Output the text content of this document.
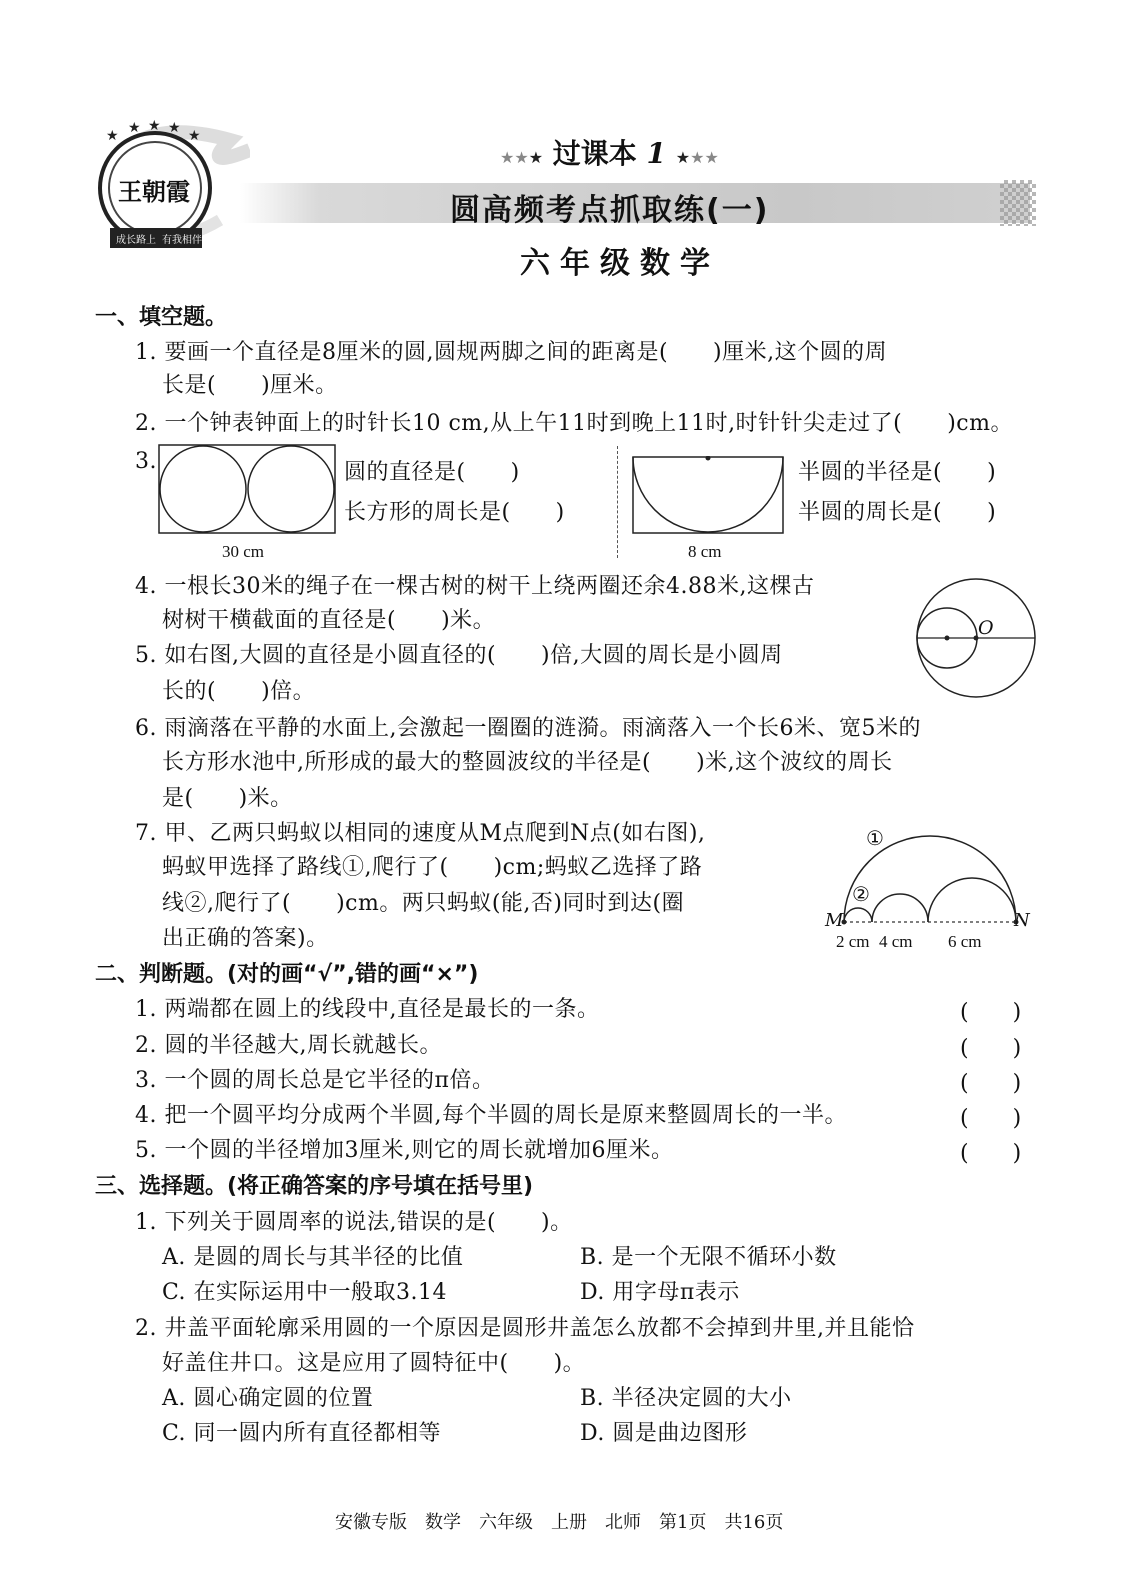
★ ★ ★ ★ ★
王朝霞
成长路上 有我相伴
★★★ 过课本 1 ★★★
圆高频考点抓取练(一)
六年级数学
一、填空题。
1. 要画一个直径是8厘米的圆,圆规两脚之间的距离是(　　)厘米,这个圆的周
长是(　　)厘米。
2. 一个钟表钟面上的时针长10 cm,从上午11时到晚上11时,时针针尖走过了(　　)cm。
3.
30 cm
圆的直径是(　　)
长方形的周长是(　　)
8 cm
半圆的半径是(　　)
半圆的周长是(　　)
4. 一根长30米的绳子在一棵古树的树干上绕两圈还余4.88米,这棵古
树树干横截面的直径是(　　)米。
5. 如右图,大圆的直径是小圆直径的(　　)倍,大圆的周长是小圆周
长的(　　)倍。
O
6. 雨滴落在平静的水面上,会激起一圈圈的涟漪。雨滴落入一个长6米、宽5米的
长方形水池中,所形成的最大的整圆波纹的半径是(　　)米,这个波纹的周长
是(　　)米。
7. 甲、乙两只蚂蚁以相同的速度从M点爬到N点(如右图),
蚂蚁甲选择了路线①,爬行了(　　)cm;蚂蚁乙选择了路
线②,爬行了(　　)cm。两只蚂蚁(能,否)同时到达(圈
出正确的答案)。
①
②
M	N
2 cm 4 cm 6 cm
二、判断题。(对的画“√”,错的画“×”)
1. 两端都在圆上的线段中,直径是最长的一条。	(　　)
2. 圆的半径越大,周长就越长。	(　　)
3. 一个圆的周长总是它半径的π倍。	(　　)
4. 把一个圆平均分成两个半圆,每个半圆的周长是原来整圆周长的一半。	(　　)
5. 一个圆的半径增加3厘米,则它的周长就增加6厘米。	(　　)
三、选择题。(将正确答案的序号填在括号里)
1. 下列关于圆周率的说法,错误的是(　　)。
A. 是圆的周长与其半径的比值	B. 是一个无限不循环小数
C. 在实际运用中一般取3.14	D. 用字母π表示
2. 井盖平面轮廓采用圆的一个原因是圆形井盖怎么放都不会掉到井里,并且能恰
好盖住井口。这是应用了圆特征中(　　)。
A. 圆心确定圆的位置	B. 半径决定圆的大小
C. 同一圆内所有直径都相等	D. 圆是曲边图形
安徽专版　数学　六年级　上册　北师　第1页　共16页
